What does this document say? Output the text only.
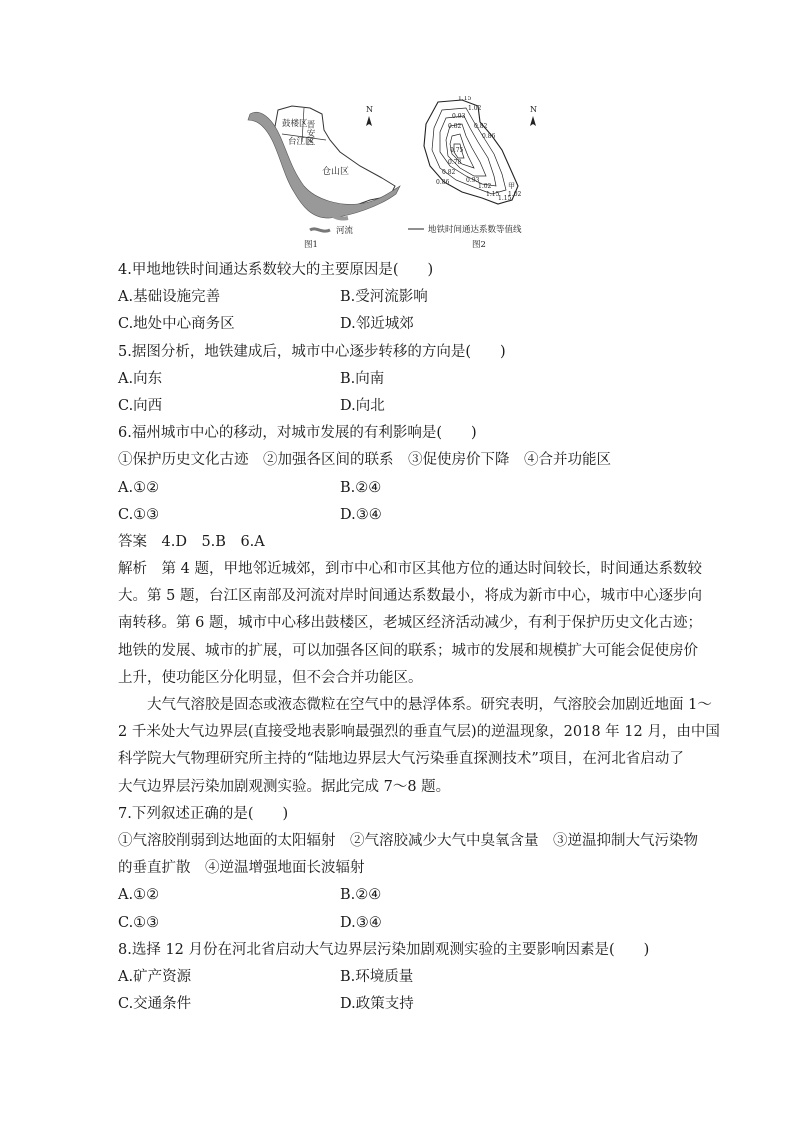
鼓楼区
晋安区
台江区
仓山区
N
河流
图1
1.15
1.02
0.93
0.82 0.82
0.86
0.75
0.78
0.82
0.86	0.93
1.02
1.15
1.15
1.02
甲
N
地铁时间通达系数等值线
图2
4.甲地地铁时间通达系数较大的主要原因是(　　)
A.基础设施完善	B.受河流影响
C.地处中心商务区	D.邻近城郊
5.据图分析，地铁建成后，城市中心逐步转移的方向是(　　)
A.向东	B.向南
C.向西	D.向北
6.福州城市中心的移动，对城市发展的有利影响是(　　)
①保护历史文化古迹　②加强各区间的联系　③促使房价下降　④合并功能区
A.①②	B.②④
C.①③	D.③④
答案　4.D　5.B　6.A
解析　第 4 题，甲地邻近城郊，到市中心和市区其他方位的通达时间较长，时间通达系数较
大。第 5 题，台江区南部及河流对岸时间通达系数最小，将成为新市中心，城市中心逐步向
南转移。第 6 题，城市中心移出鼓楼区，老城区经济活动减少，有利于保护历史文化古迹；
地铁的发展、城市的扩展，可以加强各区间的联系；城市的发展和规模扩大可能会促使房价
上升，使功能区分化明显，但不会合并功能区。
大气气溶胶是固态或液态微粒在空气中的悬浮体系。研究表明，气溶胶会加剧近地面 1～
2 千米处大气边界层(直接受地表影响最强烈的垂直气层)的逆温现象，2018 年 12 月，由中国
科学院大气物理研究所主持的“陆地边界层大气污染垂直探测技术”项目，在河北省启动了
大气边界层污染加剧观测实验。据此完成 7～8 题。
7.下列叙述正确的是(　　)
①气溶胶削弱到达地面的太阳辐射　②气溶胶减少大气中臭氧含量　③逆温抑制大气污染物
的垂直扩散　④逆温增强地面长波辐射
A.①②	B.②④
C.①③	D.③④
8.选择 12 月份在河北省启动大气边界层污染加剧观测实验的主要影响因素是(　　)
A.矿产资源	B.环境质量
C.交通条件	D.政策支持
